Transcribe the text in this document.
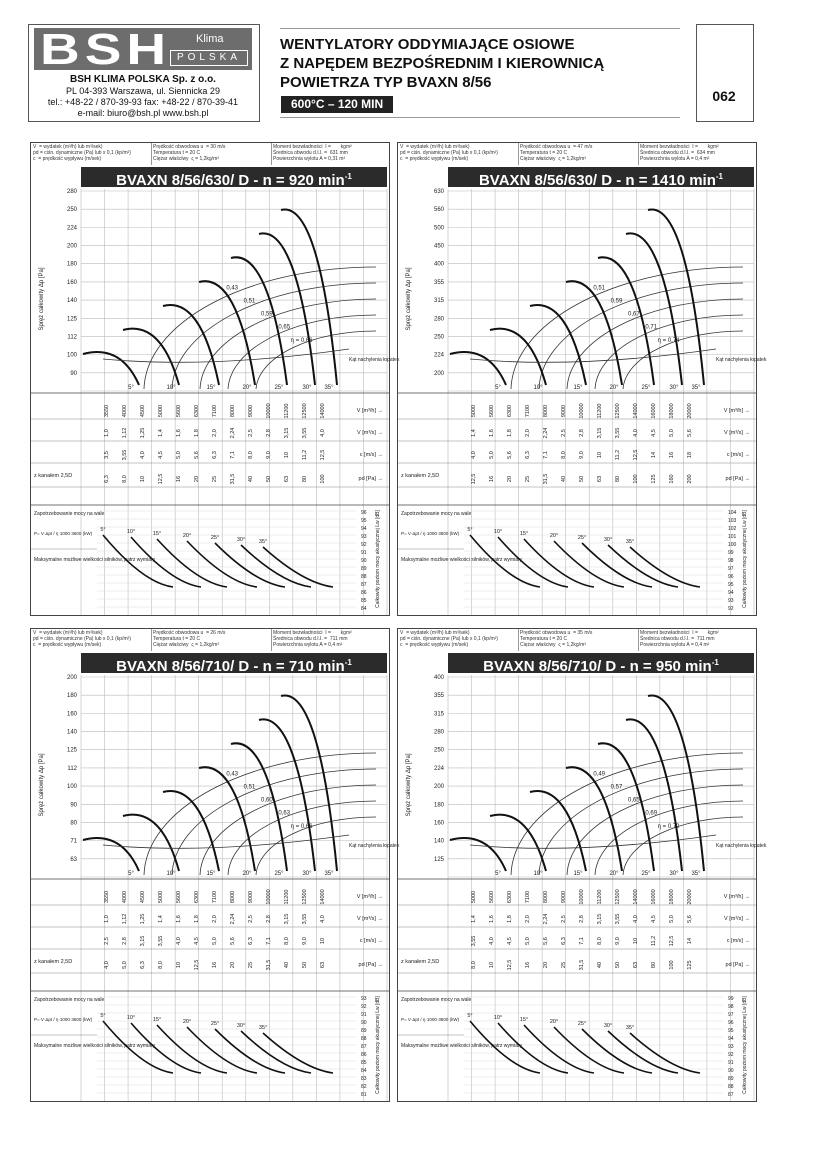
BSH Klima
POLSKA
BSH KLIMA POLSKA Sp. z o.o.
PL 04-393 Warszawa, ul. Siennicka 29
tel.: +48-22 / 870-39-93 fax: +48-22 / 870-39-41
e-mail: biuro@bsh.pl www.bsh.pl
WENTYLATORY ODDYMIAJĄCE OSIOWE
Z NAPĘDEM BEZPOŚREDNIM I KIEROWNICĄ
POWIETRZA TYP BVAXN 8/56
600°C – 120 MIN	062
V  = wydatek (m³/h) lub m³/sek)
pd = ciśn. dynamiczne (Pa) lub x 0,1 (kp/m²)
c  = prędkość wypływu (m/sek)
Prędkość obwodowa u  = 30 m/s
Temperatura t = 20 C
Ciężar właściwy  ς = 1,2kg/m³
Moment bezwładności  I =       kgm²
Średnica obwodu d.I.I. =  631 mm
Powierzchnia wylotu A = 0,31 m²
BVAXN 8/56/630/ D - n = 920 $\min^{-1}$
280
250
224
200
180
160
140
125
112
100
90
Spręż całkowity Δp [Pa]
η = 0,66
0,65
0,59
0,51
0,43
5°	10°	15°	20°	25°	30° 35°
Kąt nachylenia łopatek
3550 4000 4500 5000 5600 6300 7100 8000 9000 10000 11200 12500 14000	V [m³/h] →
1,0 1,12 1,25 1,4 1,6 1,8 2,0 2,24 2,5 2,8 3,15 3,55 4,0	V [m³/s] →
3,5 3,55 4,0 4,5 5,0 5,6 6,3 7,1 8,0 9,0 10 11,2 12,5	c [m/s] →
6,3 8,0 10 12,5 16 20 25 31,5 40 50 63 80 100	pd [Pa] →
z kanałem 2,5D
96
95
94
93
92
91
90
89
88
87
86
85
84
Całkowity poziom mocy akustycznej Lw [dB]
Zapotrzebowanie mocy na wale
P= V·Δpt / η·1000·3600 (kW)
Maksymalne możliwe wielkości silników, patrz wymiary
5°	10°	15°	20°	25°	30° 35°
V  = wydatek (m³/h) lub m³/sek)
pd = ciśn. dynamiczne (Pa) lub x 0,1 (kp/m²)
c  = prędkość wypływu (m/sek)
Prędkość obwodowa u  = 47 m/s
Temperatura t = 20 C
Ciężar właściwy  ς = 1,2kg/m³
Moment bezwładności  I =       kgm²
Średnica obwodu d.I.I. =  634 mm
Powierzchnia wylotu A = 0,4 m²
BVAXN 8/56/630/ D - n = 1410 $\min^{-1}$
630
560
500
450
400
355
315
280
250
224
200
Spręż całkowity Δp [Pa]
η = 0,74
0,71
0,67
0,59
0,51
5°	10°	15°	20°	25°	30° 35°
Kąt nachylenia łopatek
5000 5600 6300 7100 8000 9000 10000 11200 12500 14000 16000 18000 20000	V [m³/h] →
1,4 1,6 1,8 2,0 2,24 2,5 2,8 3,15 3,55 4,0 4,5 5,0 5,6	V [m³/s] →
4,0 5,0 5,6 6,3 7,1 8,0 9,0 10 11,2 12,5 14 16 18	c [m/s] →
12,5 16 20 25 31,5 40 50 63 80 100 125 160 200	pd [Pa] →
z kanałem 2,5D
104
103
102
101
100
99
98
97
96
95
94
93
92
Całkowity poziom mocy akustycznej Lw [dB]
Zapotrzebowanie mocy na wale
P= V·Δpt / η·1000·3600 (kW)
Maksymalne możliwe wielkości silników, patrz wymiary
5°	10°	15°	20°	25°	30° 35°
V  = wydatek (m³/h) lub m³/sek)
pd = ciśn. dynamiczne (Pa) lub x 0,1 (kp/m²)
c  = prędkość wypływu (m/sek)
Prędkość obwodowa u  = 26 m/s
Temperatura t = 20 C
Ciężar właściwy  ς = 1,2kg/m³
Moment bezwładności  I =       kgm²
Średnica obwodu d.I.I. =  711 mm
Powierzchnia wylotu A = 0,4 m²
BVAXN 8/56/710/ D - n = 710 $\min^{-1}$
200
180
160
140
125
112
100
90
80
71
63
Spręż całkowity Δp [Pa]
η = 0,66
0,63
0,60
0,51
0,43
5°	10°	15°	20°	25°	30° 35°
Kąt nachylenia łopatek
3550 4000 4500 5000 5600 6300 7100 8000 9000 10000 11200 12500 14000	V [m³/h] →
1,0 1,12 1,25 1,4 1,6 1,8 2,0 2,24 2,5 2,8 3,15 3,55 4,0	V [m³/s] →
2,5 2,8 3,15 3,55 4,0 4,5 5,0 5,6 6,3 7,1 8,0 9,0 10	c [m/s] →
4,0 5,0 6,3 8,0 10 12,5 16 20 25 31,5 40 50 63	pd [Pa] →
z kanałem 2,5D
93
92
91
90
89
88
87
86
85
84
83
82
81
Całkowity poziom mocy akustycznej Lw [dB]
Zapotrzebowanie mocy na wale
P= V·Δpt / η·1000·3600 (kW)
Maksymalne możliwe wielkości silników, patrz wymiary
5°	10°	15°	20°	25°	30° 35°
V  = wydatek (m³/h) lub m³/sek)
pd = ciśn. dynamiczne (Pa) lub x 0,1 (kp/m²)
c  = prędkość wypływu (m/sek)
Prędkość obwodowa u  = 35 m/s
Temperatura t = 20 C
Ciężar właściwy  ς = 1,2kg/m³
Moment bezwładności  I =       kgm²
Średnica obwodu d.I.I. =  711 mm
Powierzchnia wylotu A = 0,4 m²
BVAXN 8/56/710/ D - n = 950 $\min^{-1}$
400
355
315
280
250
224
200
180
160
140
125
Spręż całkowity Δp [Pa]
η = 0,72
0,69
0,65
0,57
0,49
5°	10°	15°	20°	25°	30° 35°
Kąt nachylenia łopatek
5000 5600 6300 7100 8000 9000 10000 11200 12500 14000 16000 18000 20000	V [m³/h] →
1,4 1,6 1,8 2,0 2,24 2,5 2,8 3,15 3,55 4,0 4,5 5,0 5,6	V [m³/s] →
3,55 4,0 4,5 5,0 5,6 6,3 7,1 8,0 9,0 10 11,2 12,5 14	c [m/s] →
8,0 10 12,5 16 20 25 31,5 40 50 63 80 100 125	pd [Pa] →
z kanałem 2,5D
99
98
97
96
95
94
93
92
91
90
89
88
87
Całkowity poziom mocy akustycznej Lw [dB]
Zapotrzebowanie mocy na wale
P= V·Δpt / η·1000·3600 (kW)
Maksymalne możliwe wielkości silników, patrz wymiary
5°	10°	15°	20°	25°	30° 35°
